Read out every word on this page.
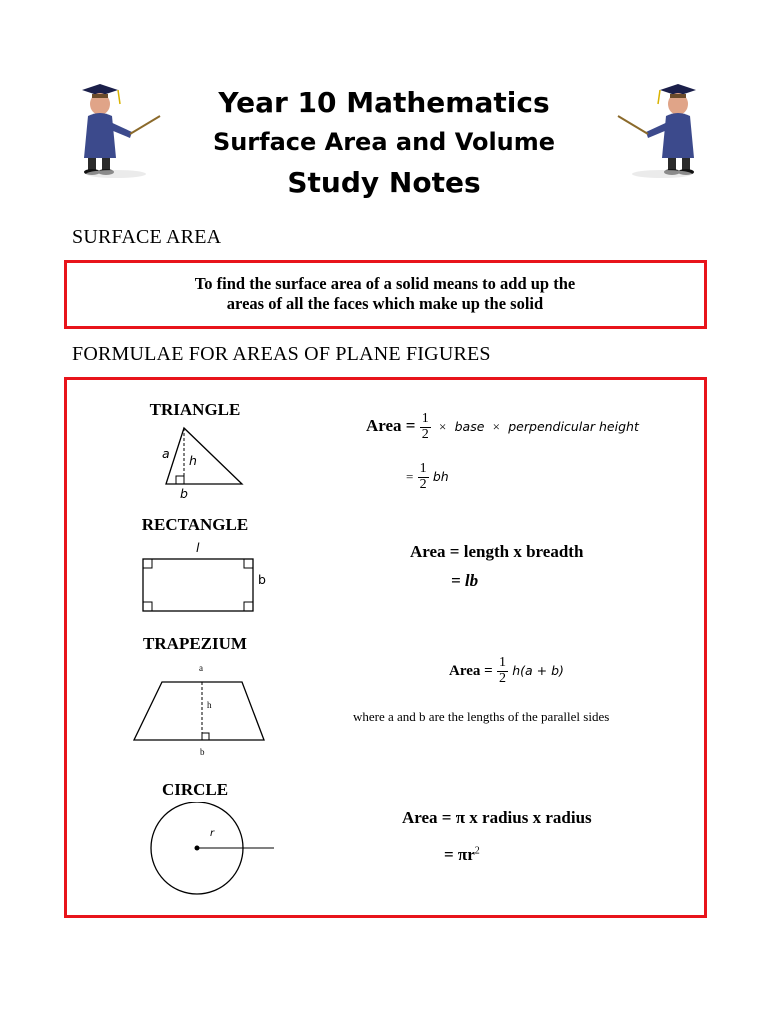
Year 10 Mathematics
Surface Area and Volume
Study Notes
SURFACE AREA
To find the surface area of a solid means to add up the
areas of all the faces which make up the solid
FORMULAE FOR AREAS OF PLANE FIGURES
TRIANGLE
a h
b
Area = $\frac{1}{2}$ × base × perpendicular height
= $\frac{1}{2}$ bh
RECTANGLE
l
b
Area = length x breadth
= lb
TRAPEZIUM
a
h
b
Area = $\frac{1}{2} h(a + b)$
where a and b are the lengths of the parallel sides
CIRCLE
r
Area = π x radius x radius
= $\pi r^2$
